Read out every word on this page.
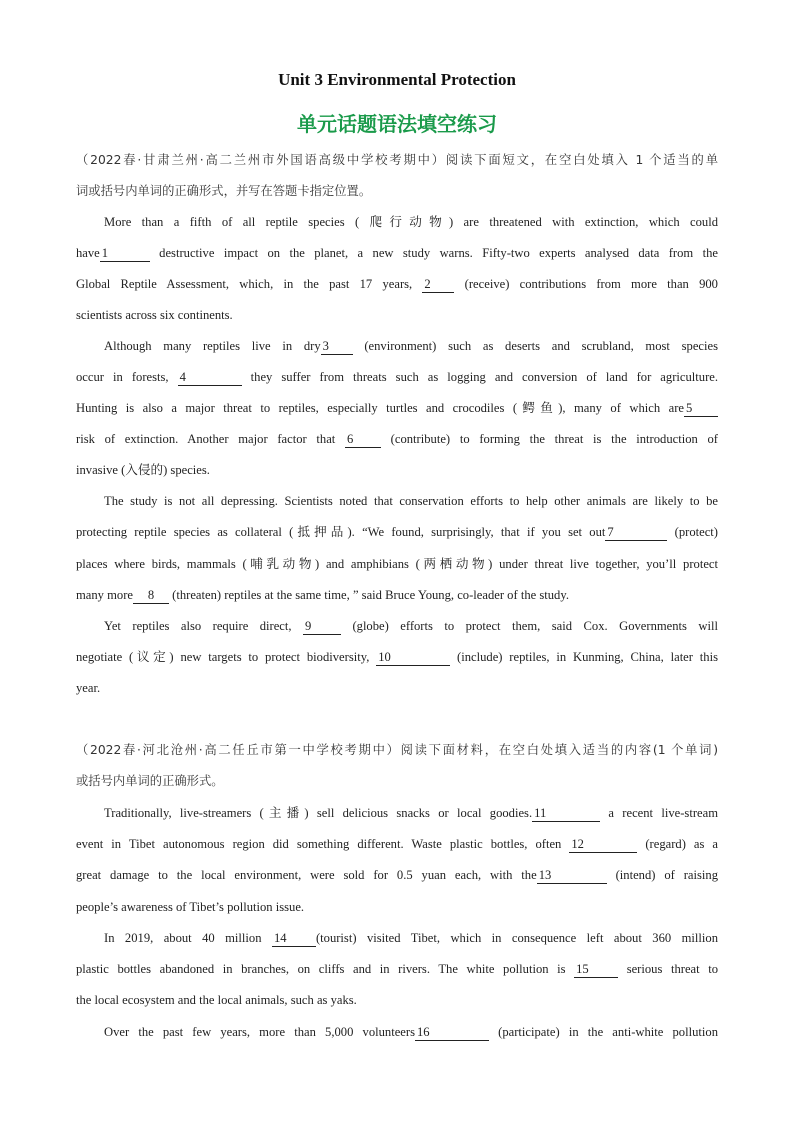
Unit 3 Environmental Protection
单元话题语法填空练习
（2022春·甘肃兰州·高二兰州市外国语高级中学校考期中）阅读下面短文，在空白处填入 1 个适当的单
词或括号内单词的正确形式，并写在答题卡指定位置。
More than a fifth of all reptile species ( 爬行动物) are threatened with extinction, which could
have 1	destructive impact on the planet, a new study warns. Fifty-two experts analysed data from the
Global Reptile Assessment, which, in the past 17 years, 2 (receive) contributions from more than 900
scientists across six continents.
Although many reptiles live in dry 3 (environment) such as deserts and scrubland, most species
occur in forests, 4	they suffer from threats such as logging and conversion of land for agriculture.
Hunting is also a major threat to reptiles, especially turtles and crocodiles (鳄鱼), many of which are 5
risk of extinction. Another major factor that 6 (contribute) to forming the threat is the introduction of
invasive (入侵的) species.
The study is not all depressing. Scientists noted that conservation efforts to help other animals are likely to be
protecting reptile species as collateral (抵押品). “We found, surprisingly, that if you set out 7	(protect)
places where birds, mammals (哺乳动物) and amphibians (两栖动物) under threat live together, you’ll protect
many more 8 (threaten) reptiles at the same time, ” said Bruce Young, co-leader of the study.
Yet reptiles also require direct, 9 (globe) efforts to protect them, said Cox. Governments will
negotiate (议定) new targets to protect biodiversity, 10	(include) reptiles, in Kunming, China, later this
year.
（2022春·河北沧州·高二任丘市第一中学校考期中）阅读下面材料，在空白处填入适当的内容(1 个单词)
或括号内单词的正确形式。
Traditionally, live-streamers (主播) sell delicious snacks or local goodies. 11	a recent live-stream
event in Tibet autonomous region did something different. Waste plastic bottles, often 12	(regard) as a
great damage to the local environment, were sold for 0.5 yuan each, with the 13	(intend) of raising
people’s awareness of Tibet’s pollution issue.
In 2019, about 40 million 14 (tourist) visited Tibet, which in consequence left about 360 million
plastic bottles abandoned in branches, on cliffs and in rivers. The white pollution is 15 serious threat to
the local ecosystem and the local animals, such as yaks.
Over the past few years, more than 5,000 volunteers 16	(participate) in the anti-white pollution
